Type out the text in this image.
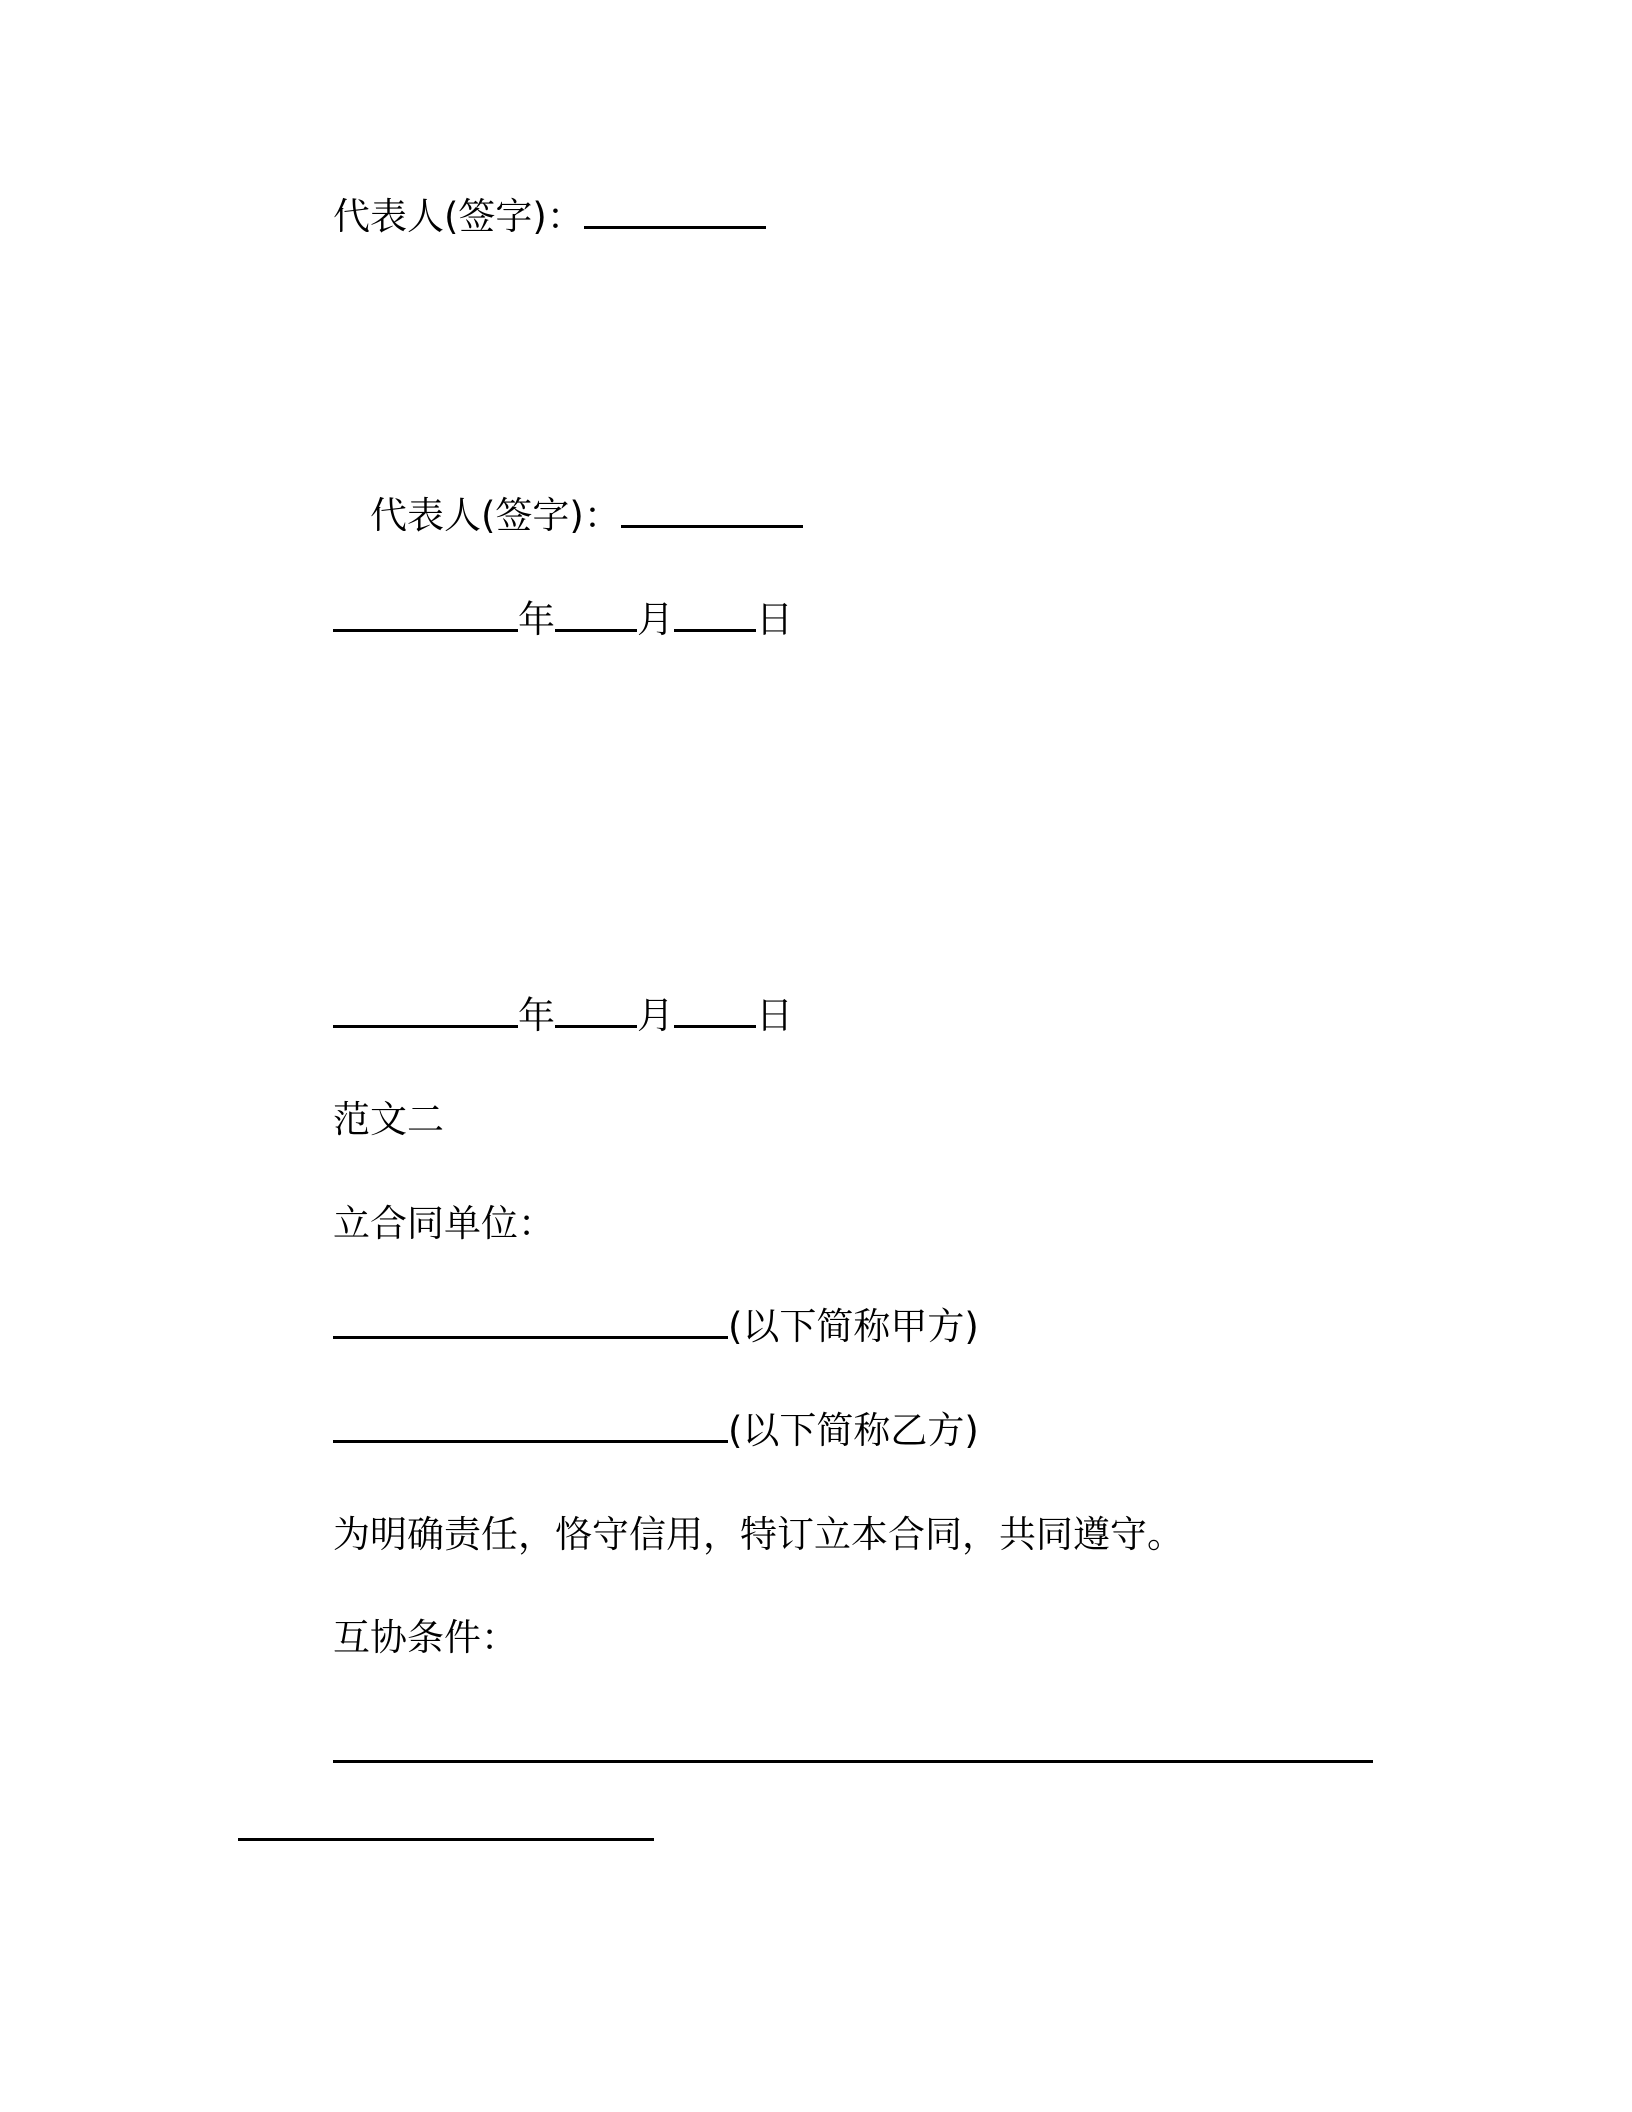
代表人(签字)：

代表人(签字)：

年 月 日

年 月 日

范文二

立合同单位：

(以下简称甲方)

(以下简称乙方)

为明确责任，恪守信用，特订立本合同，共同遵守。

互协条件：
